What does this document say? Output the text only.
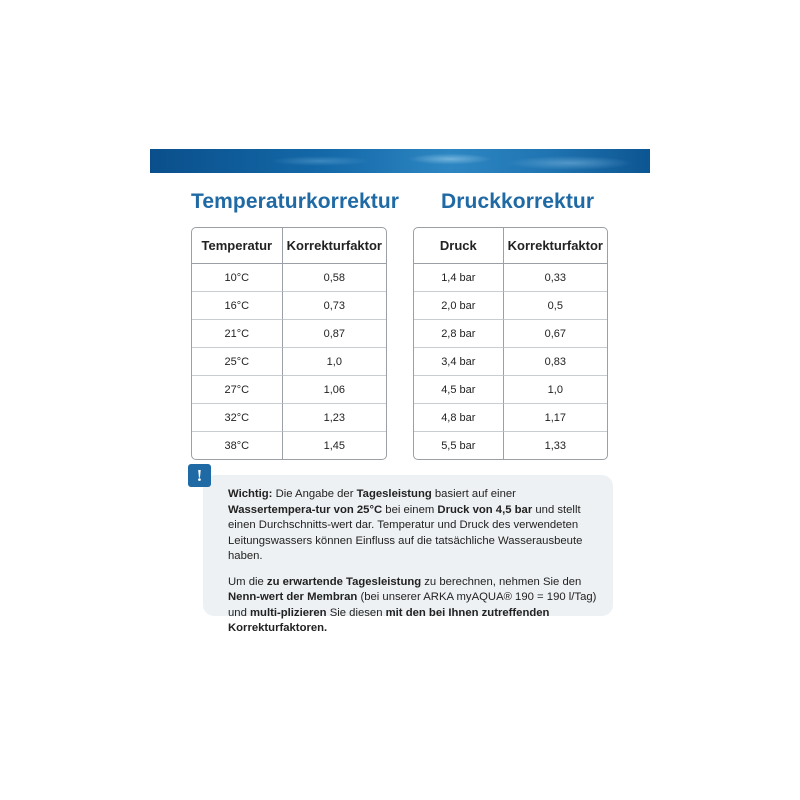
Temperaturkorrektur Druckkorrektur
Temperatur	Korrekturfaktor
10°C	0,58
16°C	0,73
21°C	0,87
25°C	1,0
27°C	1,06
32°C	1,23
38°C	1,45
Druck	Korrekturfaktor
1,4 bar	0,33
2,0 bar	0,5
2,8 bar	0,67
3,4 bar	0,83
4,5 bar	1,0
4,8 bar	1,17
5,5 bar	1,33
!

Wichtig: Die Angabe der Tagesleistung basiert auf einer Wassertempera-tur von 25°C bei einem Druck von 4,5 bar und stellt einen Durchschnitts-wert dar. Temperatur und Druck des verwendeten Leitungswassers können Einfluss auf die tatsächliche Wasserausbeute haben.

Um die zu erwartende Tagesleistung zu berechnen, nehmen Sie den Nenn-wert der Membran (bei unserer ARKA myAQUA® 190 = 190 l/Tag) und multi-plizieren Sie diesen mit den bei Ihnen zutreffenden Korrekturfaktoren.
